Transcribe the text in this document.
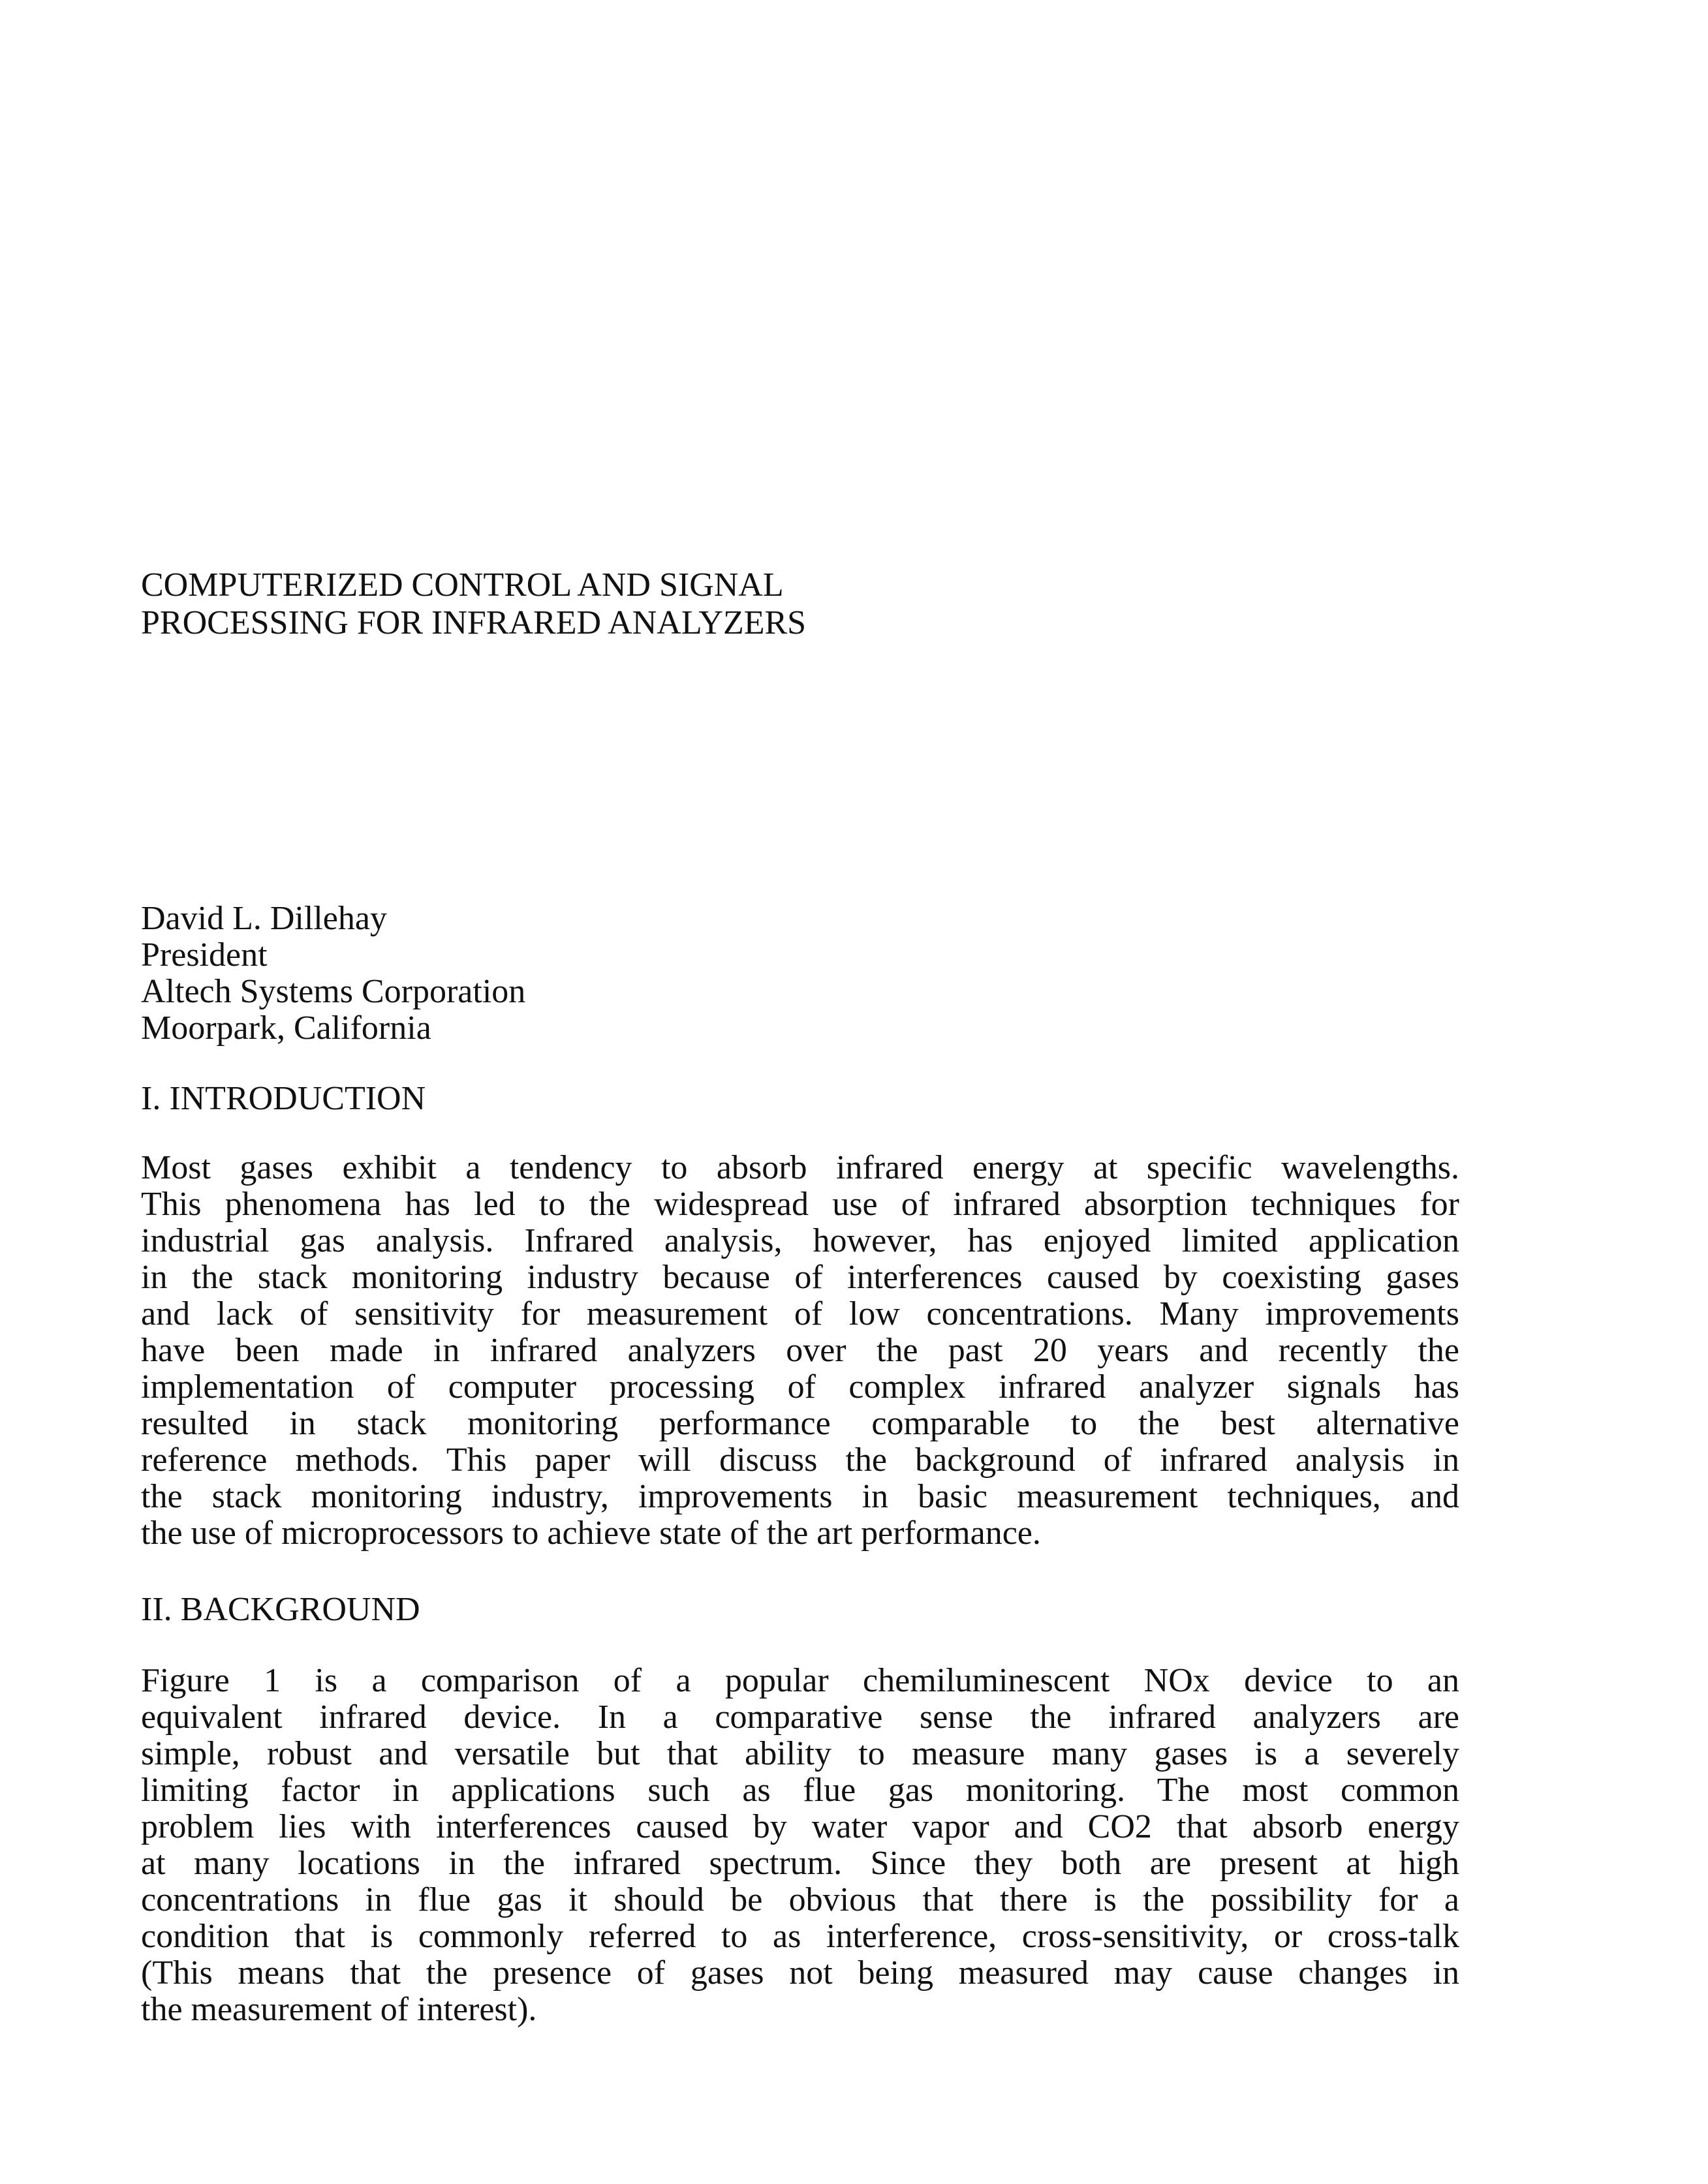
COMPUTERIZED CONTROL AND SIGNAL
PROCESSING FOR INFRARED ANALYZERS
David L. Dillehay
President
Altech Systems Corporation
Moorpark, California
I. INTRODUCTION
Most gases exhibit a tendency to absorb infrared energy at specific wavelengths.
This phenomena has led to the widespread use of infrared absorption techniques for
industrial gas analysis. Infrared analysis, however, has enjoyed limited application
in the stack monitoring industry because of interferences caused by coexisting gases
and lack of sensitivity for measurement of low concentrations. Many improvements
have been made in infrared analyzers over the past 20 years and recently the
implementation of computer processing of complex infrared analyzer signals has
resulted in stack monitoring performance comparable to the best alternative
reference methods. This paper will discuss the background of infrared analysis in
the stack monitoring industry, improvements in basic measurement techniques, and
the use of microprocessors to achieve state of the art performance.
II. BACKGROUND
Figure 1 is a comparison of a popular chemiluminescent NOx device to an
equivalent infrared device. In a comparative sense the infrared analyzers are
simple, robust and versatile but that ability to measure many gases is a severely
limiting factor in applications such as flue gas monitoring. The most common
problem lies with interferences caused by water vapor and CO2 that absorb energy
at many locations in the infrared spectrum. Since they both are present at high
concentrations in flue gas it should be obvious that there is the possibility for a
condition that is commonly referred to as interference, cross-sensitivity, or cross-talk
(This means that the presence of gases not being measured may cause changes in
the measurement of interest).
